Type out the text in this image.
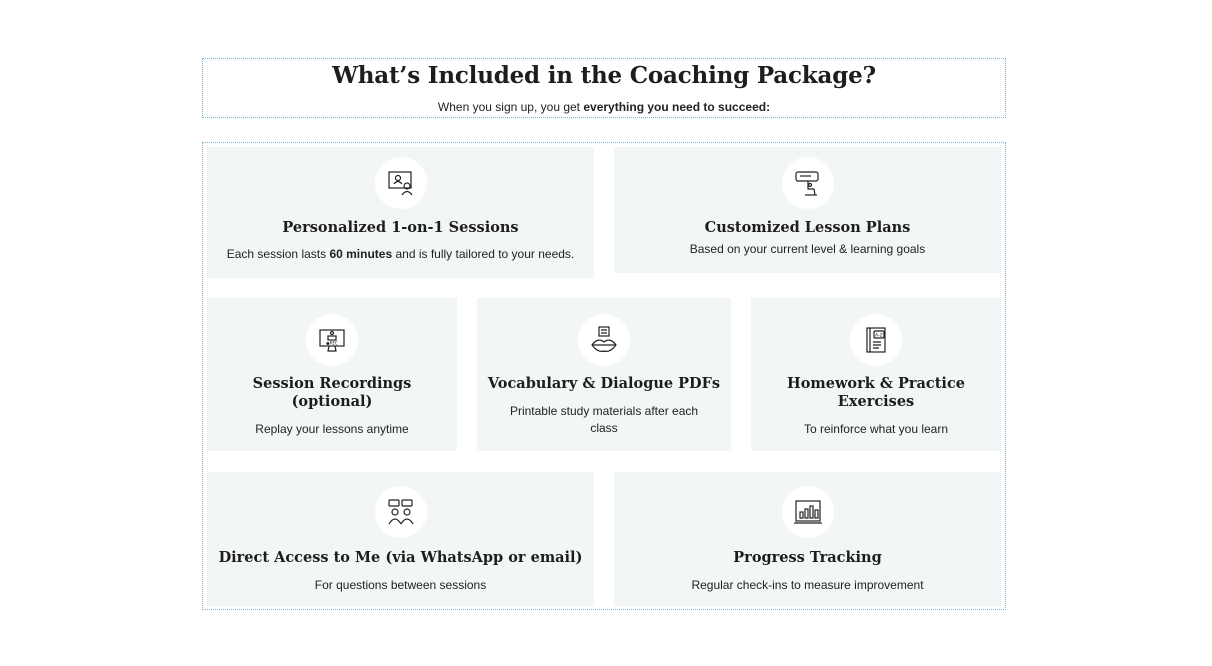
What’s Included in the Coaching Package?

When you sign up, you get everything you need to succeed:

Personalized 1-on-1 Sessions
Each session lasts 60 minutes and is fully tailored to your needs.
Customized Lesson Plans
Based on your current level & learning goals
●REC
Session Recordings (optional)
Replay your lessons anytime
Vocabulary & Dialogue PDFs
Printable study materials after each class
A-Z
Homework & Practice Exercises
To reinforce what you learn
Direct Access to Me (via WhatsApp or email)
For questions between sessions
Progress Tracking
Regular check-ins to measure improvement
